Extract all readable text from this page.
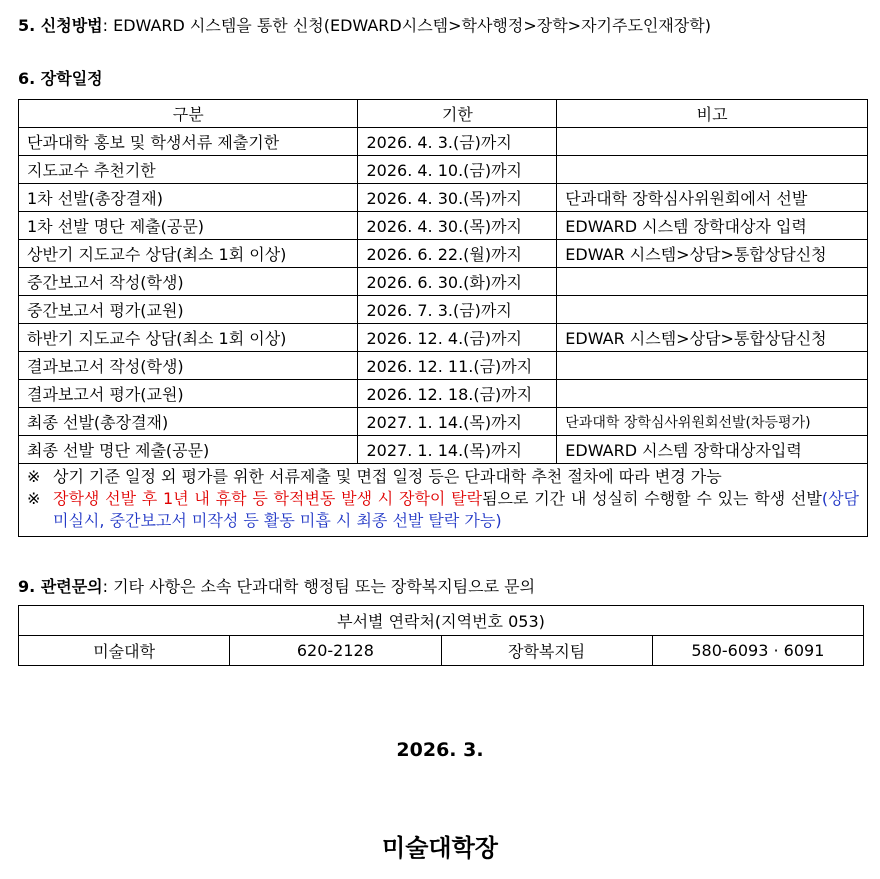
5. 신청방법: EDWARD 시스템을 통한 신청(EDWARD시스템>학사행정>장학>자기주도인재장학)
6. 장학일정
구분	기한	비고
단과대학 홍보 및 학생서류 제출기한	2026. 4. 3.(금)까지	
지도교수 추천기한	2026. 4. 10.(금)까지	
1차 선발(총장결재)	2026. 4. 30.(목)까지	단과대학 장학심사위원회에서 선발
1차 선발 명단 제출(공문)	2026. 4. 30.(목)까지	EDWARD 시스템 장학대상자 입력
상반기 지도교수 상담(최소 1회 이상)	2026. 6. 22.(월)까지	EDWAR 시스템>상담>통합상담신청
중간보고서 작성(학생)	2026. 6. 30.(화)까지	
중간보고서 평가(교원)	2026. 7. 3.(금)까지	
하반기 지도교수 상담(최소 1회 이상)	2026. 12. 4.(금)까지	EDWAR 시스템>상담>통합상담신청
결과보고서 작성(학생)	2026. 12. 11.(금)까지	
결과보고서 평가(교원)	2026. 12. 18.(금)까지	
최종 선발(총장결재)	2027. 1. 14.(목)까지	단과대학 장학심사위원회선발(차등평가)
최종 선발 명단 제출(공문)	2027. 1. 14.(목)까지	EDWARD 시스템 장학대상자입력

※ 상기 기준 일정 외 평가를 위한 서류제출 및 면접 일정 등은 단과대학 추천 절차에 따라 변경 가능
※ 장학생 선발 후 1년 내 휴학 등 학적변동 발생 시 장학이 탈락됨으로 기간 내 성실히 수행할 수 있는 학생 선발(상담 미실시, 중간보고서 미작성 등 활동 미흡 시 최종 선발 탈락 가능)		
9. 관련문의: 기타 사항은 소속 단과대학 행정팀 또는 장학복지팀으로 문의
부서별 연락처(지역번호 053)
미술대학	620-2128	장학복지팀	580-6093 · 6091
2026. 3.
미술대학장
